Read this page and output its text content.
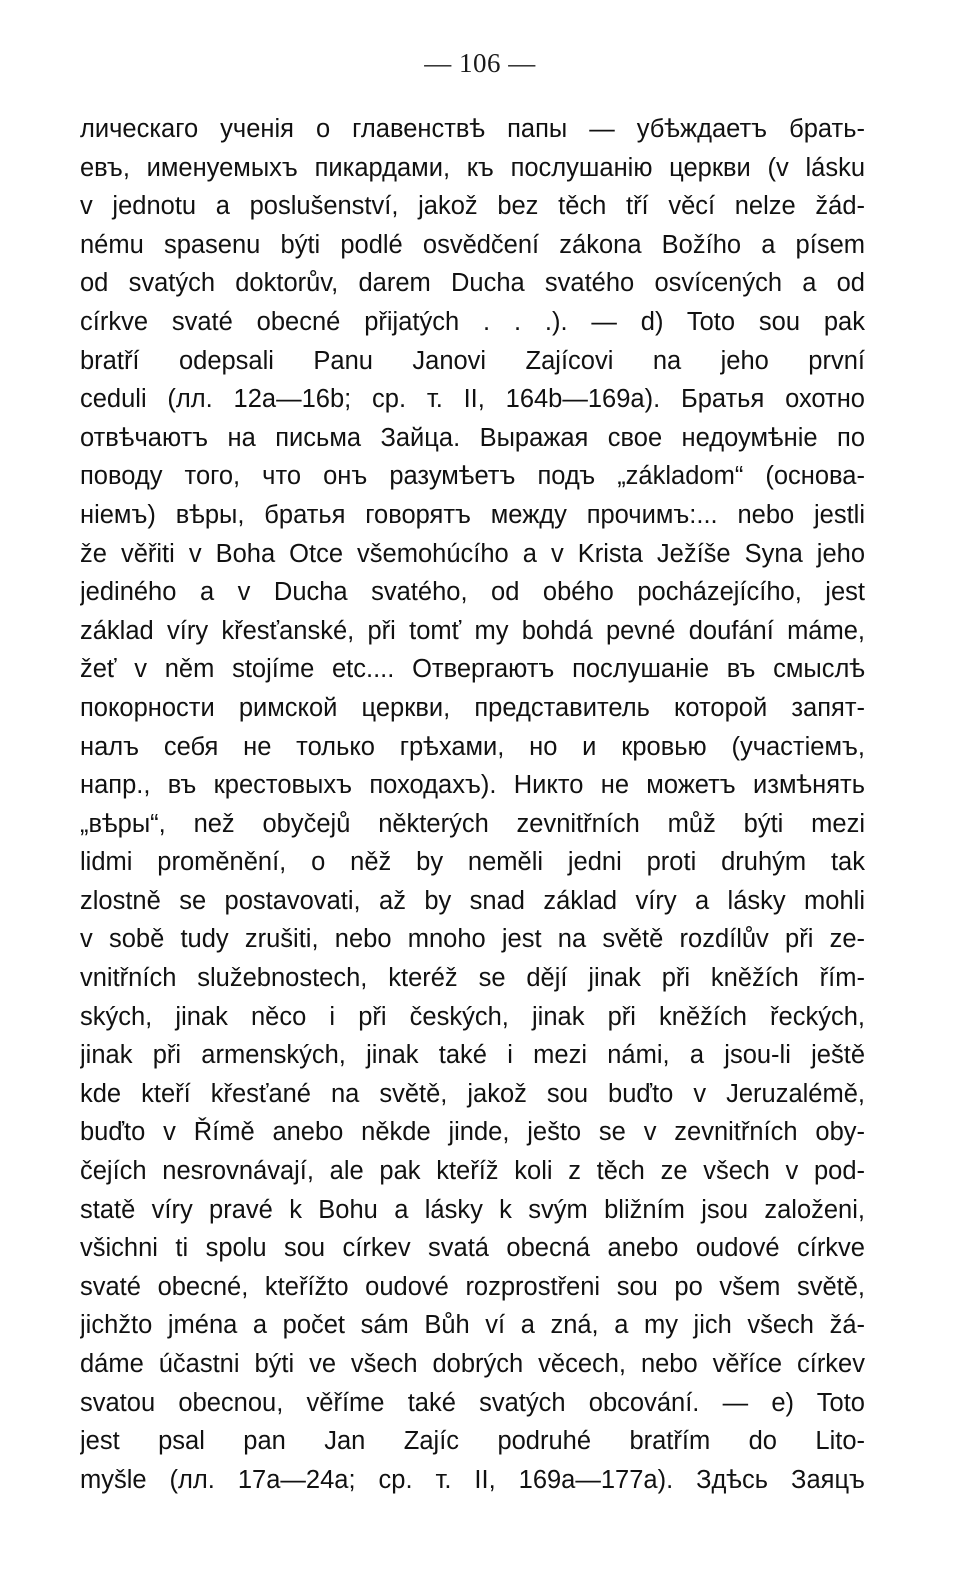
— 106 —
лическаго ученія о главенствѣ папы — убѣждаетъ брать-
евъ, именуемыхъ пикардами, къ послушанію церкви (v lásku
v jednotu a poslušenství, jakož bez těch tří věcí nelze žád-
nému spasenu býti podlé osvědčení zákona Božího a písem
od svatých doktorův, darem Ducha svatého osvícených a od
církve svaté obecné přijatých . . .). — d) Toto sou pak
bratří odepsali Panu Janovi Zajícovi na jeho první
ceduli (лл. 12a—16b; ср. т. II, 164b—169a). Братья охотно
отвѣчаютъ на письма Зайца. Выражая свое недоумѣніе по
поводу того, что онъ разумѣетъ подъ „základom“ (основа-
ніемъ) вѣры, братья говорятъ между прочимъ:... nebo jestli
že věřiti v Boha Otce všemohúcího a v Krista Ježíše Syna jeho
jediného a v Ducha svatého, od obého pocházejícího, jest
základ víry křesťanské, při tomť my bohdá pevné doufání máme,
žeť v něm stojíme etc.... Отвергаютъ послушаніе въ смыслѣ
покорности римской церкви, представитель которой запят-
налъ себя не только грѣхами, но и кровью (участіемъ,
напр., въ крестовыхъ походахъ). Никто не можетъ измѣнять
„вѣры“, než obyčejů některých zevnitřních můž býti mezi
lidmi proměnění, o něž by neměli jedni proti druhým tak
zlostně se postavovati, až by snad základ víry a lásky mohli
v sobě tudy zrušiti, nebo mnoho jest na světě rozdílův při ze-
vnitřních služebnostech, kteréž se dějí jinak při kněžích řím-
ských, jinak něco i při českých, jinak při kněžích řeckých,
jinak při armenských, jinak také i mezi námi, a jsou-li ještě
kde kteří křesťané na světě, jakož sou buďto v Jeruzalémě,
buďto v Římě anebo někde jinde, ješto se v zevnitřních oby-
čejích nesrovnávají, ale pak kteříž koli z těch ze všech v pod-
statě víry pravé k Bohu a lásky k svým bližním jsou založeni,
všichni ti spolu sou církev svatá obecná anebo oudové církve
svaté obecné, kteřížto oudové rozprostřeni sou po všem světě,
jichžto jména a počet sám Bůh ví a zná, a my jich všech žá-
dáme účastni býti ve všech dobrých věcech, nebo věříce církev
svatou obecnou, věříme také svatých obcování. — e) Toto
jest psal pan Jan Zajíc podruhé bratřím do Lito-
myšle (лл. 17a—24a; ср. т. II, 169a—177a). Здѣсь Заяцъ
